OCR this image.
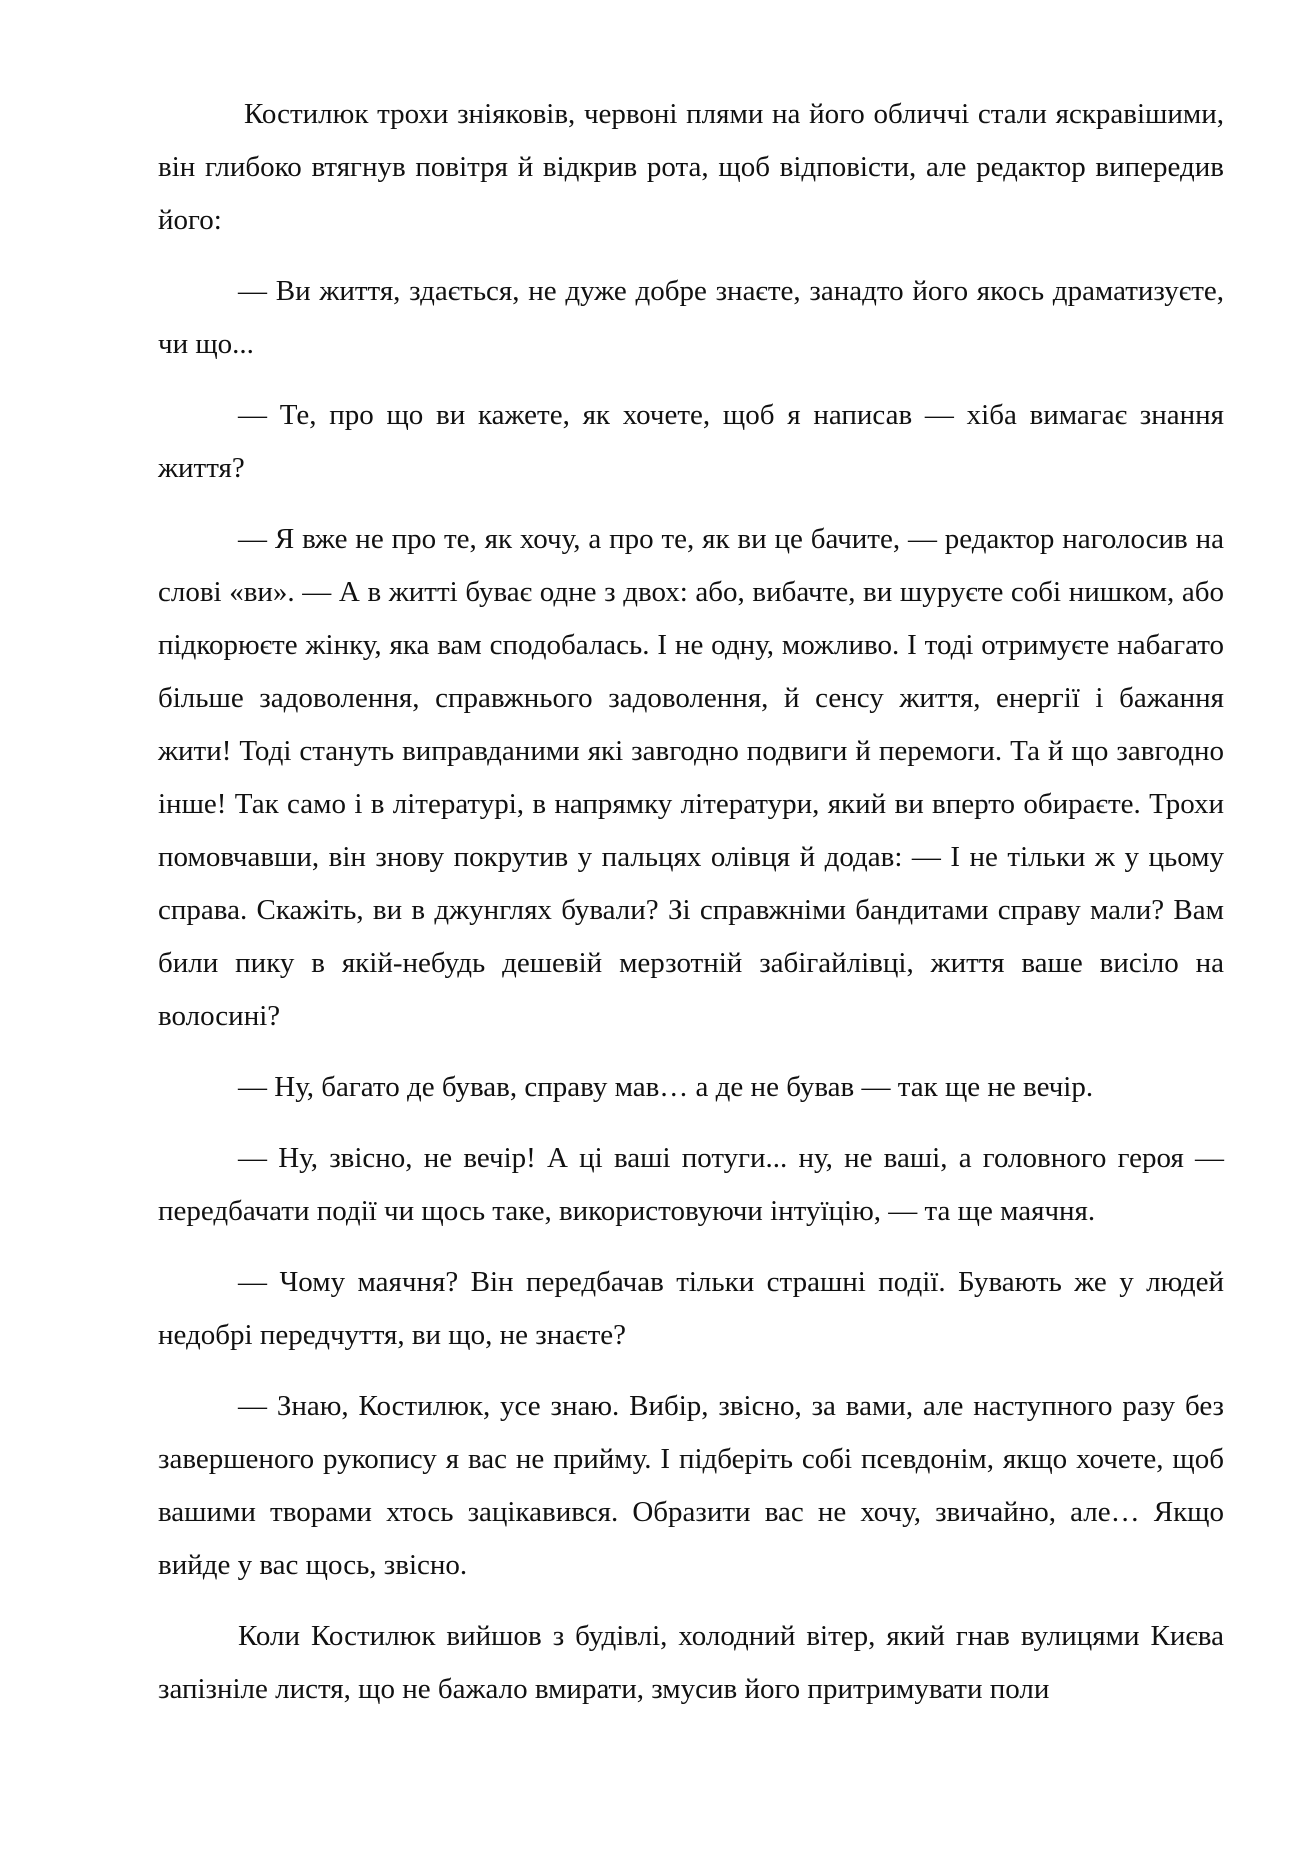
Костилюк трохи зніяковів, червоні плями на його обличчі стали яскравішими, він глибоко втягнув повітря й відкрив рота, щоб відповісти, але редактор випередив його:

— Ви життя, здається, не дуже добре знаєте, занадто його якось драматизуєте, чи що...

— Те, про що ви кажете, як хочете, щоб я написав — хіба вимагає знання життя?

— Я вже не про те, як хочу, а про те, як ви це бачите, — редактор наголосив на слові «ви». — А в житті буває одне з двох: або, вибачте, ви шуруєте собі нишком, або підкорюєте жінку, яка вам сподобалась. І не одну, можливо. І тоді отримуєте набагато більше задоволення, справжнього задоволення, й сенсу життя, енергії і бажання жити! Тоді стануть виправданими які завгодно подвиги й перемоги. Та й що завгодно інше! Так само і в літературі, в напрямку літератури, який ви вперто обираєте. Трохи помовчавши, він знову покрутив у пальцях олівця й додав: — І не тільки ж у цьому справа. Скажіть, ви в джунглях бували? Зі справжніми бандитами справу мали? Вам били пику в якій-небудь дешевій мерзотній забігайлівці, життя ваше висіло на волосині?

— Ну, багато де бував, справу мав… а де не бував — так ще не вечір.

— Ну, звісно, не вечір! А ці ваші потуги... ну, не ваші, а головного героя — передбачати події чи щось таке, використовуючи інтуїцію, — та ще маячня.

— Чому маячня? Він передбачав тільки страшні події. Бувають же у людей недобрі передчуття, ви що, не знаєте?

— Знаю, Костилюк, усе знаю. Вибір, звісно, за вами, але наступного разу без завершеного рукопису я вас не прийму. І підберіть собі псевдонім, якщо хочете, щоб вашими творами хтось зацікавився. Образити вас не хочу, звичайно, але… Якщо вийде у вас щось, звісно.

Коли Костилюк вийшов з будівлі, холодний вітер, який гнав вулицями Києва запізніле листя, що не бажало вмирати, змусив його притримувати поли
